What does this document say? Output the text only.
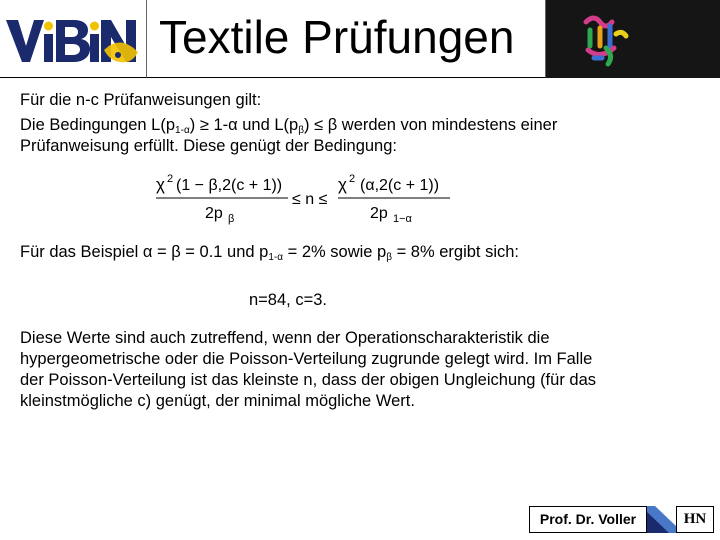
Textile Prüfungen
Für die n-c Prüfanweisungen gilt:
Die Bedingungen $L(p_{1-\alpha}) \ge 1-\alpha$ und $L(p_\beta) \le \beta$ werden von mindestens einer
Prüfanweisung erfüllt. Diese genügt der Bedingung:
χ 2 (1 − β,2(c + 1))
2p β
≤ n ≤
χ 2 (α,2(c + 1))
2p 1−α
Für das Beispiel α = β = 0.1 und $p_{1-\alpha} = 2\%$ sowie $p_\beta = 8\%$ ergibt sich:
n=84, c=3.
Diese Werte sind auch zutreffend, wenn der Operationscharakteristik die hypergeometrische oder die Poisson-Verteilung zugrunde gelegt wird. Im Falle der Poisson-Verteilung ist das kleinste n, dass der obigen Ungleichung (für das kleinstmögliche c) genügt, der minimal mögliche Wert.
Prof. Dr. Voller	HN
